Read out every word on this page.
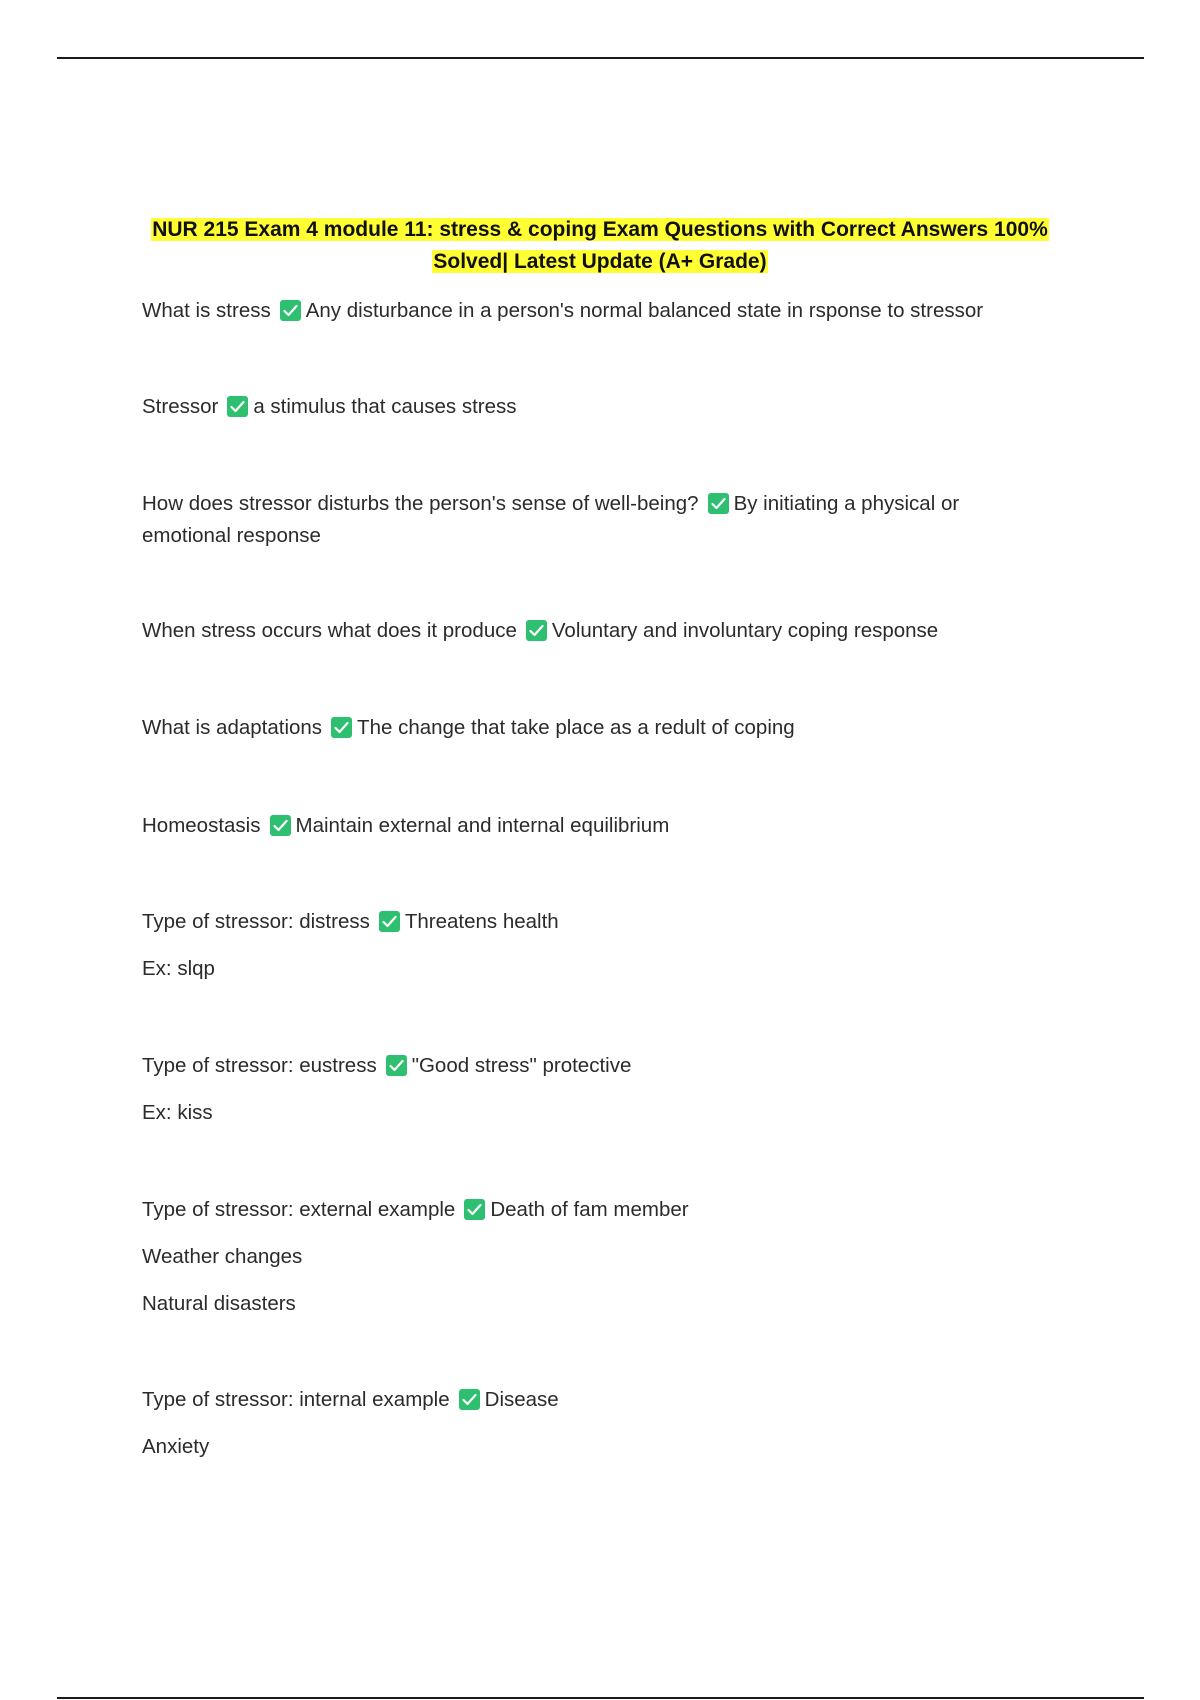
NUR 215 Exam 4 module 11: stress & coping Exam Questions with Correct Answers 100%
Solved| Latest Update (A+ Grade)
What is stress Any disturbance in a person's normal balanced state in rsponse to stressor
Stressor a stimulus that causes stress
How does stressor disturbs the person's sense of well-being? By initiating a physical or emotional response
When stress occurs what does it produce Voluntary and involuntary coping response
What is adaptations The change that take place as a redult of coping
Homeostasis Maintain external and internal equilibrium
Type of stressor: distress Threatens health
Ex: slqp
Type of stressor: eustress "Good stress" protective
Ex: kiss
Type of stressor: external example Death of fam member
Weather changes
Natural disasters
Type of stressor: internal example Disease
Anxiety
